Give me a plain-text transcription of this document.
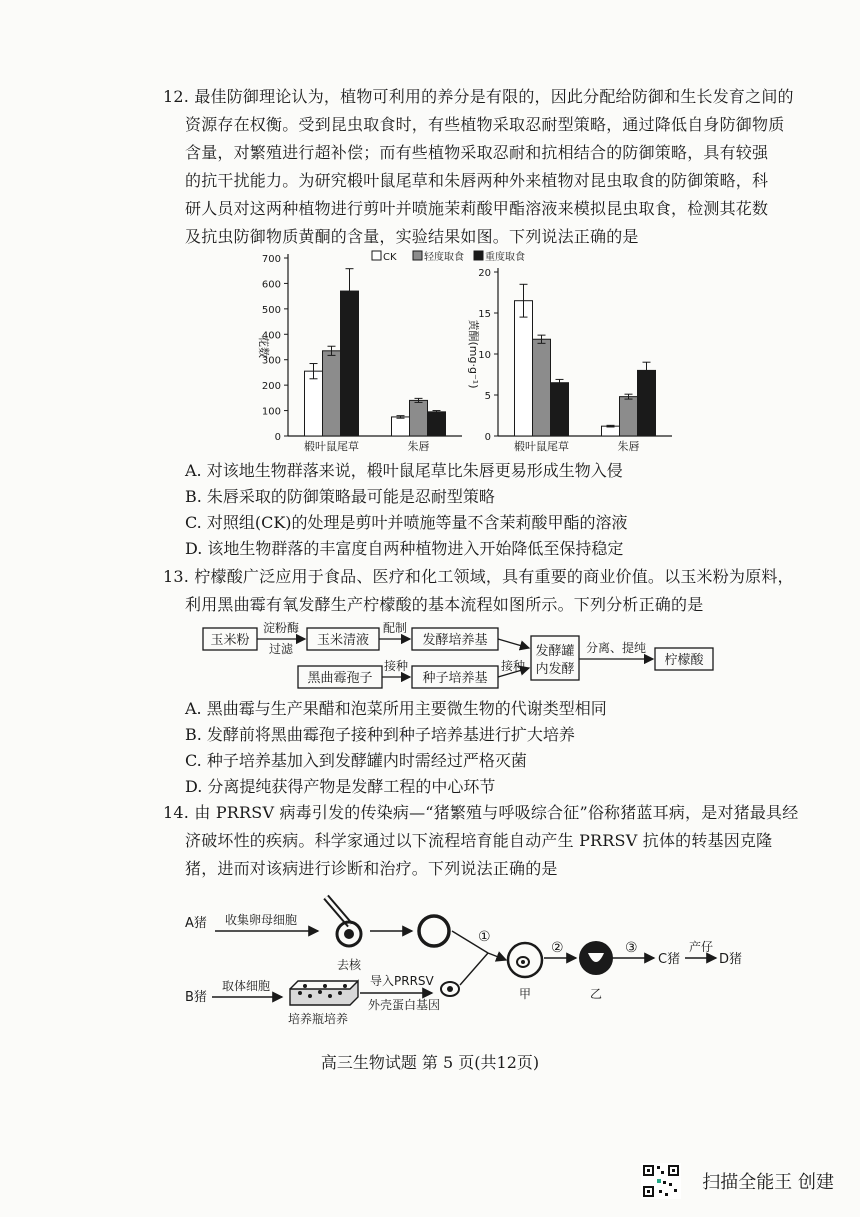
12. 最佳防御理论认为，植物可利用的养分是有限的，因此分配给防御和生长发育之间的
资源存在权衡。受到昆虫取食时，有些植物采取忍耐型策略，通过降低自身防御物质
含量，对繁殖进行超补偿；而有些植物采取忍耐和抗相结合的防御策略，具有较强
的抗干扰能力。为研究椴叶鼠尾草和朱唇两种外来植物对昆虫取食的防御策略，科
研人员对这两种植物进行剪叶并喷施茉莉酸甲酯溶液来模拟昆虫取食，检测其花数
及抗虫防御物质黄酮的含量，实验结果如图。下列说法正确的是
CK	轻度取食 重度取食
0
100
200
300
400
500
600
700
花数
椴叶鼠尾草	朱唇
0
5
10
15
20
黄酮(mg·g⁻¹)
椴叶鼠尾草	朱唇
A. 对该地生物群落来说，椴叶鼠尾草比朱唇更易形成生物入侵
B. 朱唇采取的防御策略最可能是忍耐型策略
C. 对照组(CK)的处理是剪叶并喷施等量不含茉莉酸甲酯的溶液
D. 该地生物群落的丰富度自两种植物进入开始降低至保持稳定
13. 柠檬酸广泛应用于食品、医疗和化工领域，具有重要的商业价值。以玉米粉为原料，
利用黑曲霉有氧发酵生产柠檬酸的基本流程如图所示。下列分析正确的是
玉米粉
淀粉酶
过滤
玉米清液
配制
发酵培养基
黑曲霉孢子
接种
种子培养基
接种
发酵罐
内发酵
分离、提纯
柠檬酸
A. 黑曲霉与生产果醋和泡菜所用主要微生物的代谢类型相同
B. 发酵前将黑曲霉孢子接种到种子培养基进行扩大培养
C. 种子培养基加入到发酵罐内时需经过严格灭菌
D. 分离提纯获得产物是发酵工程的中心环节
14. 由 PRRSV 病毒引发的传染病—“猪繁殖与呼吸综合征”俗称猪蓝耳病，是对猪最具经
济破坏性的疾病。科学家通过以下流程培育能自动产生 PRRSV 抗体的转基因克隆
猪，进而对该病进行诊断和治疗。下列说法正确的是
A猪 收集卵母细胞
去核
B猪
取体细胞
培养瓶培养
导入PRRSV
外壳蛋白基因
①
②	③
甲	乙
C猪
产仔
D猪
高三生物试题 第 5 页(共12页)
扫描全能王 创建
